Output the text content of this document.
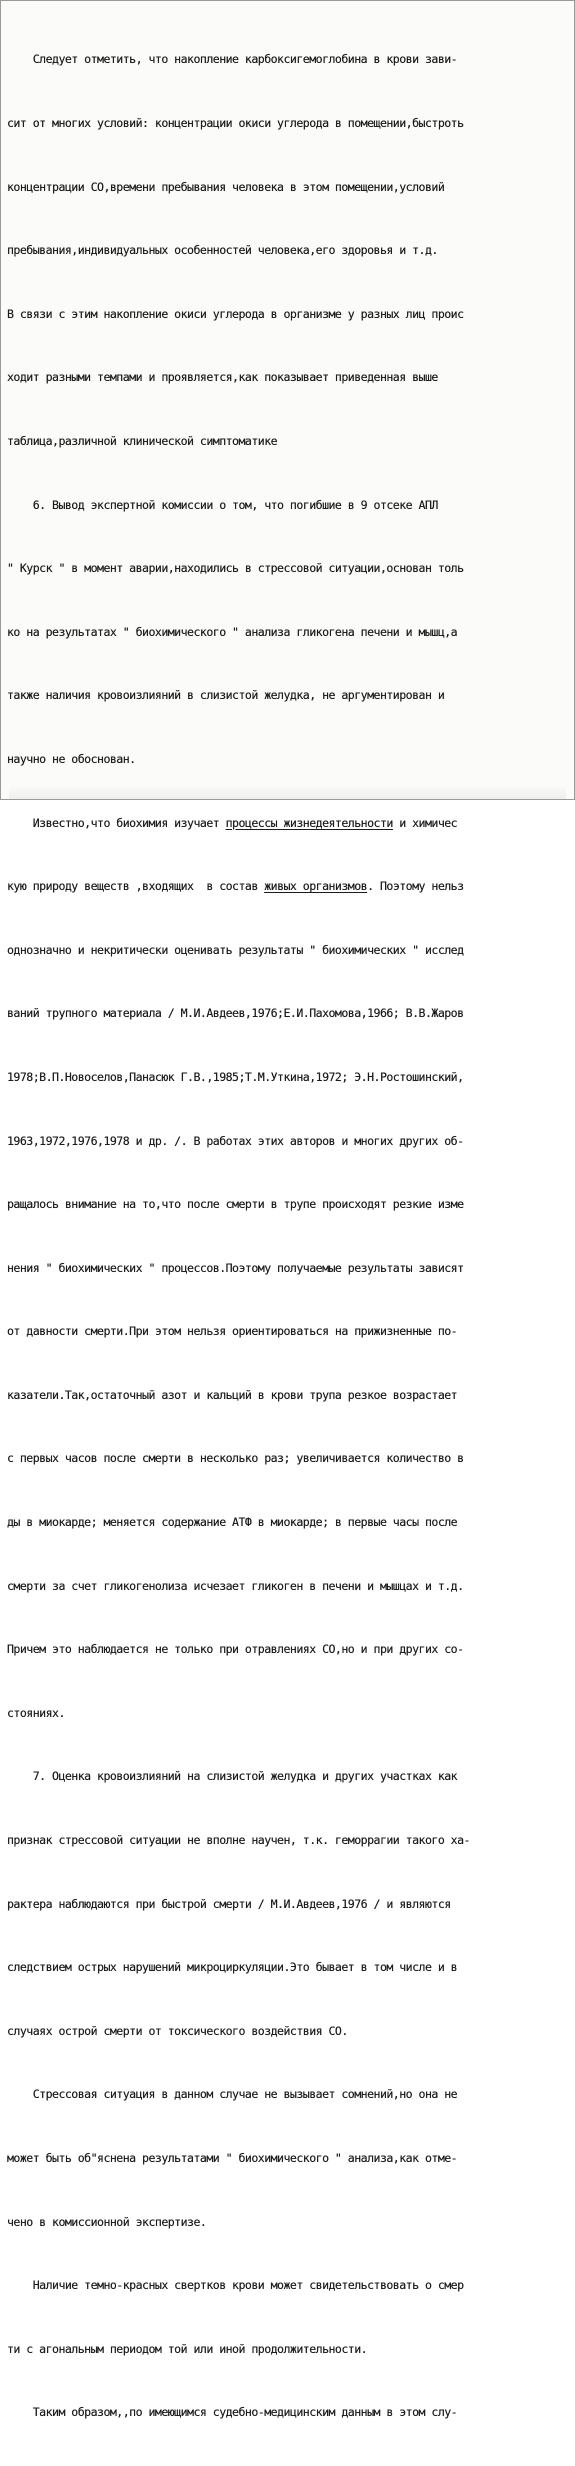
Следует отметить, что накопление карбоксигемоглобина в крови зави-

сит от многих условий: концентрации окиси углерода в помещении,быстроть

концентрации СО,времени пребывания человека в этом помещении,условий

пребывания,индивидуальных особенностей человека,его здоровья и т.д.

В связи с этим накопление окиси углерода в организме у разных лиц проис

ходит разными темпами и проявляется,как показывает приведенная выше

таблица,различной клинической симптоматике

6. Вывод экспертной комиссии о том, что погибшие в 9 отсеке АПЛ

" Курск " в момент аварии,находились в стрессовой ситуации,основан толь

ко на результатах " биохимического " анализа гликогена печени и мышц,а

также наличия кровоизлияний в слизистой желудка, не аргументирован и

научно не обоснован.

Известно,что биохимия изучает процессы жизнедеятельности и химичес

кую природу веществ ,входящих  в состав живых организмов. Поэтому нельз

однозначно и некритически оценивать результаты " биохимических " исслед

ваний трупного материала / М.И.Авдеев,1976;Е.И.Пахомова,1966; В.В.Жаров

1978;В.П.Новоселов,Панасюк Г.В.,1985;Т.М.Уткина,1972; Э.Н.Ростошинский,

1963,1972,1976,1978 и др. /. В работах этих авторов и многих других об-

ращалось внимание на то,что после смерти в трупе происходят резкие изме

нения " биохимических " процессов.Поэтому получаемые результаты зависят

от давности смерти.При этом нельзя ориентироваться на прижизненные по-

казатели.Так,остаточный азот и кальций в крови трупа резкое возрастает

с первых часов после смерти в несколько раз; увеличивается количество в

ды в миокарде; меняется содержание АТФ в миокарде; в первые часы после

смерти за счет гликогенолиза исчезает гликоген в печени и мышцах и т.д.

Причем это наблюдается не только при отравлениях СО,но и при других со-

стояниях.

7. Оценка кровоизлияний на слизистой желудка и других участках как

признак стрессовой ситуации не вполне научен, т.к. геморрагии такого ха-

рактера наблюдаются при быстрой смерти / М.И.Авдеев,1976 / и являются

следствием острых нарушений микроциркуляции.Это бывает в том числе и в

случаях острой смерти от токсического воздействия СО.

Стрессовая ситуация в данном случае не вызывает сомнений,но она не

может быть об"яснена результатами " биохимического " анализа,как отме-

чено в комиссионной экспертизе.

Наличие темно-красных свертков крови может свидетельствовать о смер

ти с агональным периодом той или иной продолжительности.

Таким образом,,по имеющимся судебно-медицинским данным в этом слу-
